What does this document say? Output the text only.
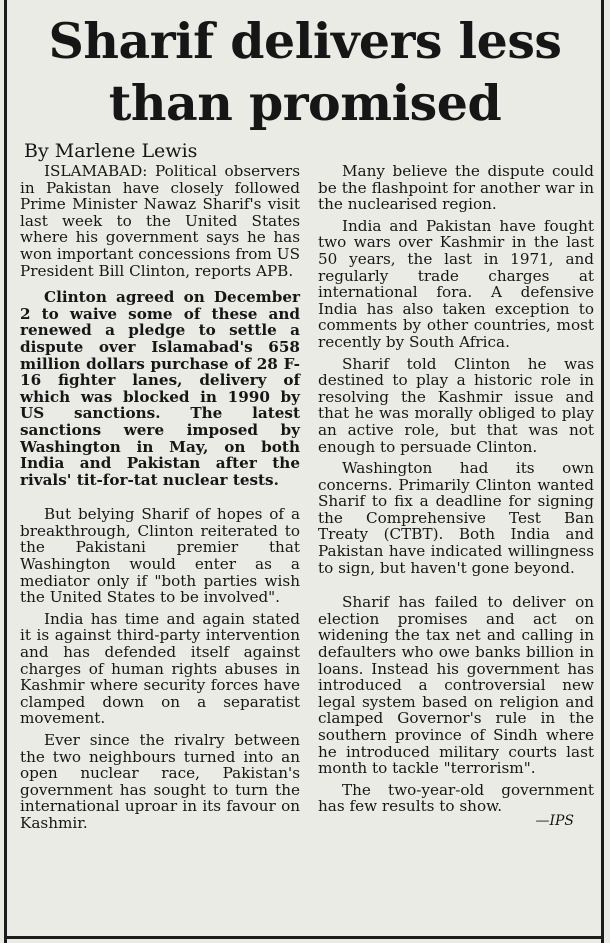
Sharif delivers less
than promised
By Marlene Lewis

ISLAMABAD: Political observers in Pakistan have closely followed Prime Minister Nawaz Sharif's visit last week to the United States where his government says he has won important concessions from US President Bill Clinton, reports APB.

Clinton agreed on December 2 to waive some of these and renewed a pledge to settle a dispute over Islamabad's 658 million dollars purchase of 28 F-16 fighter lanes, delivery of which was blocked in 1990 by US sanctions. The latest sanctions were imposed by Washington in May, on both India and Pakistan after the rivals' tit-for-tat nuclear tests.

But belying Sharif of hopes of a breakthrough, Clinton reiterated to the Pakistani premier that Washington would enter as a mediator only if "both parties wish the United States to be involved".

India has time and again stated it is against third-party intervention and has defended itself against charges of human rights abuses in Kashmir where security forces have clamped down on a separatist movement.

Ever since the rivalry between the two neighbours turned into an open nuclear race, Pakistan's government has sought to turn the international uproar in its favour on Kashmir.

Many believe the dispute could be the flashpoint for another war in the nuclearised region.

India and Pakistan have fought two wars over Kashmir in the last 50 years, the last in 1971, and regularly trade charges at international fora. A defensive India has also taken exception to comments by other countries, most recently by South Africa.

Sharif told Clinton he was destined to play a historic role in resolving the Kashmir issue and that he was morally obliged to play an active role, but that was not enough to persuade Clinton.

Washington had its own concerns. Primarily Clinton wanted Sharif to fix a deadline for signing the Comprehensive Test Ban Treaty (CTBT). Both India and Pakistan have indicated willingness to sign, but haven't gone beyond.

Sharif has failed to deliver on election promises and act on widening the tax net and calling in defaulters who owe banks billion in loans. Instead his government has introduced a controversial new legal system based on religion and clamped Governor's rule in the southern province of Sindh where he introduced military courts last month to tackle "terrorism".

The two-year-old government has few results to show.

—IPS
